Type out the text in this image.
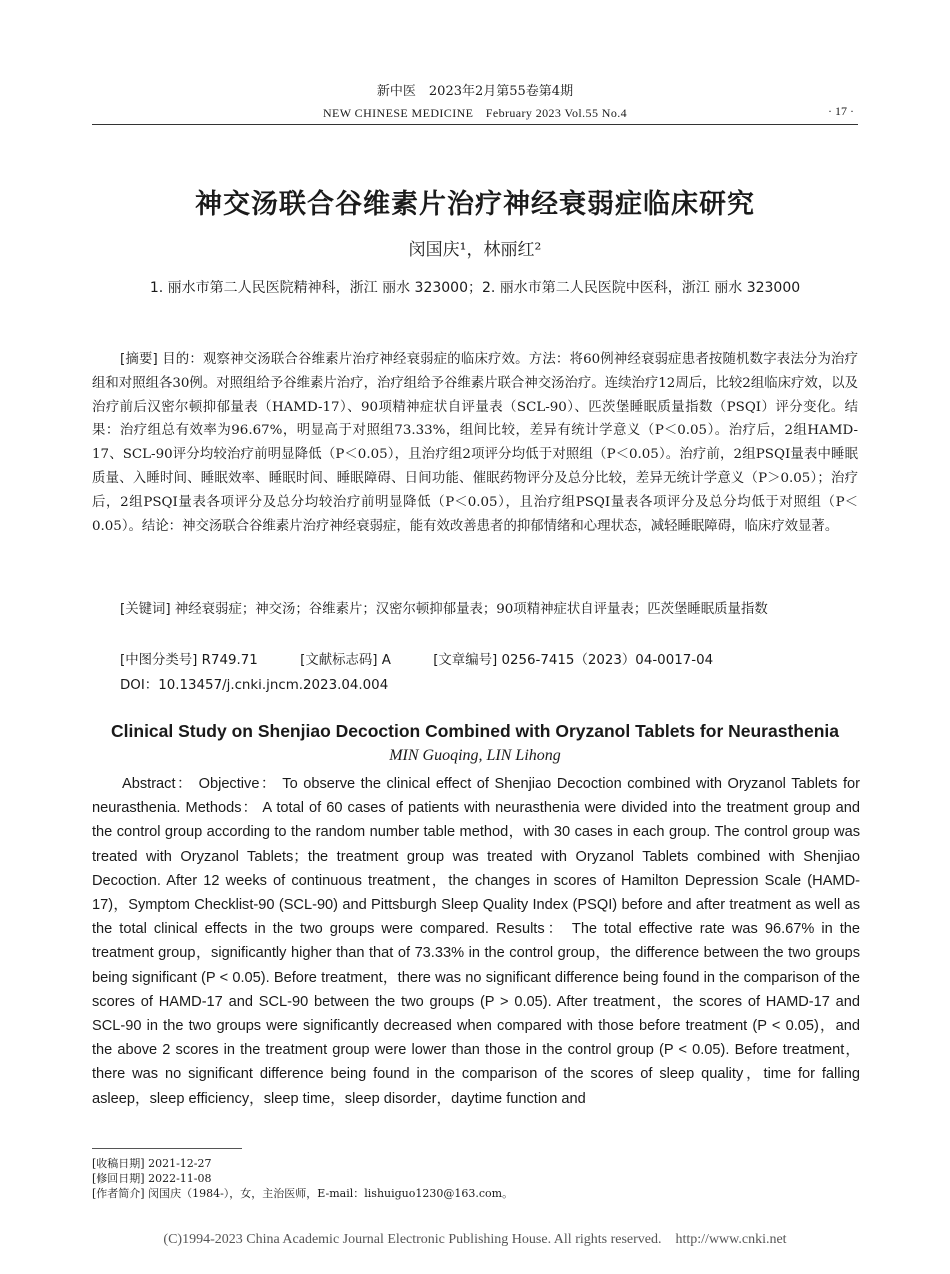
新中医　2023年2月第55卷第4期
NEW CHINESE MEDICINE　February 2023 Vol.55 No.4	· 17 ·
神交汤联合谷维素片治疗神经衰弱症临床研究
闵国庆¹，林丽红²
1. 丽水市第二人民医院精神科，浙江 丽水 323000；2. 丽水市第二人民医院中医科，浙江 丽水 323000
[摘要] 目的：观察神交汤联合谷维素片治疗神经衰弱症的临床疗效。方法：将60例神经衰弱症患者按随机数字表法分为治疗组和对照组各30例。对照组给予谷维素片治疗，治疗组给予谷维素片联合神交汤治疗。连续治疗12周后，比较2组临床疗效，以及治疗前后汉密尔顿抑郁量表（HAMD-17）、90项精神症状自评量表（SCL-90）、匹茨堡睡眠质量指数（PSQI）评分变化。结果：治疗组总有效率为96.67%，明显高于对照组73.33%，组间比较，差异有统计学意义（P＜0.05）。治疗后，2组HAMD-17、SCL-90评分均较治疗前明显降低（P＜0.05），且治疗组2项评分均低于对照组（P＜0.05）。治疗前，2组PSQI量表中睡眠质量、入睡时间、睡眠效率、睡眠时间、睡眠障碍、日间功能、催眠药物评分及总分比较，差异无统计学意义（P＞0.05）；治疗后，2组PSQI量表各项评分及总分均较治疗前明显降低（P＜0.05），且治疗组PSQI量表各项评分及总分均低于对照组（P＜0.05）。结论：神交汤联合谷维素片治疗神经衰弱症，能有效改善患者的抑郁情绪和心理状态，减轻睡眠障碍，临床疗效显著。
[关键词] 神经衰弱症；神交汤；谷维素片；汉密尔顿抑郁量表；90项精神症状自评量表；匹茨堡睡眠质量指数
[中图分类号] R749.71	[文献标志码] A	[文章编号] 0256-7415（2023）04-0017-04
DOI：10.13457/j.cnki.jncm.2023.04.004
Clinical Study on Shenjiao Decoction Combined with Oryzanol Tablets for Neurasthenia
MIN Guoqing, LIN Lihong
Abstract： Objective： To observe the clinical effect of Shenjiao Decoction combined with Oryzanol Tablets for neurasthenia. Methods： A total of 60 cases of patients with neurasthenia were divided into the treatment group and the control group according to the random number table method，with 30 cases in each group. The control group was treated with Oryzanol Tablets；the treatment group was treated with Oryzanol Tablets combined with Shenjiao Decoction. After 12 weeks of continuous treatment，the changes in scores of Hamilton Depression Scale (HAMD-17)，Symptom Checklist-90 (SCL-90) and Pittsburgh Sleep Quality Index (PSQI) before and after treatment as well as the total clinical effects in the two groups were compared. Results： The total effective rate was 96.67% in the treatment group，significantly higher than that of 73.33% in the control group，the difference between the two groups being significant (P < 0.05). Before treatment，there was no significant difference being found in the comparison of the scores of HAMD-17 and SCL-90 between the two groups (P > 0.05). After treatment，the scores of HAMD-17 and SCL-90 in the two groups were significantly decreased when compared with those before treatment (P < 0.05)，and the above 2 scores in the treatment group were lower than those in the control group (P < 0.05). Before treatment，there was no significant difference being found in the comparison of the scores of sleep quality，time for falling asleep，sleep efficiency，sleep time，sleep disorder，daytime function and
[收稿日期] 2021-12-27
[修回日期] 2022-11-08
[作者简介] 闵国庆（1984-），女，主治医师，E-mail：lishuiguo1230@163.com。
(C)1994-2023 China Academic Journal Electronic Publishing House. All rights reserved.　http://www.cnki.net
